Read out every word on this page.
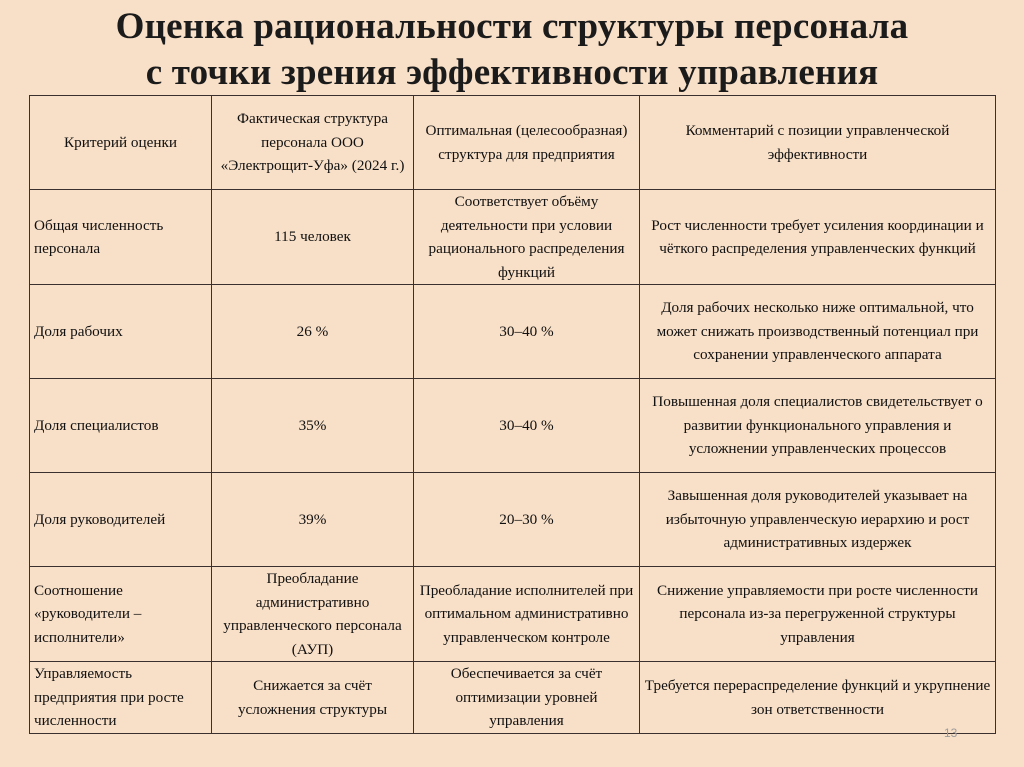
Оценка рациональности структуры персонала
с точки зрения эффективности управления
Критерий оценки	Фактическая структура персонала ООО «Электрощит-Уфа» (2024 г.)	Оптимальная (целесообразная) структура для предприятия	Комментарий с позиции управленческой эффективности
Общая численность персонала	115 человек	Соответствует объёму деятельности при условии рационального распределения функций	Рост численности требует усиления координации и чёткого распределения управленческих функций
Доля рабочих	26 %	30–40 %	Доля рабочих несколько ниже оптимальной, что может снижать производственный потенциал при сохранении управленческого аппарата
Доля специалистов	35%	30–40 %	Повышенная доля специалистов свидетельствует о развитии функционального управления и усложнении управленческих процессов
Доля руководителей	39%	20–30 %	Завышенная доля руководителей указывает на избыточную управленческую иерархию и рост административных издержек
Соотношение «руководители – исполнители»	Преобладание административно управленческого персонала (АУП)	Преобладание исполнителей при оптимальном административно управленческом контроле	Снижение управляемости при росте численности персонала из-за перегруженной структуры управления
Управляемость предприятия при росте численности	Снижается за счёт усложнения структуры	Обеспечивается за счёт оптимизации уровней управления	Требуется перераспределение функций и укрупнение зон ответственности
13
